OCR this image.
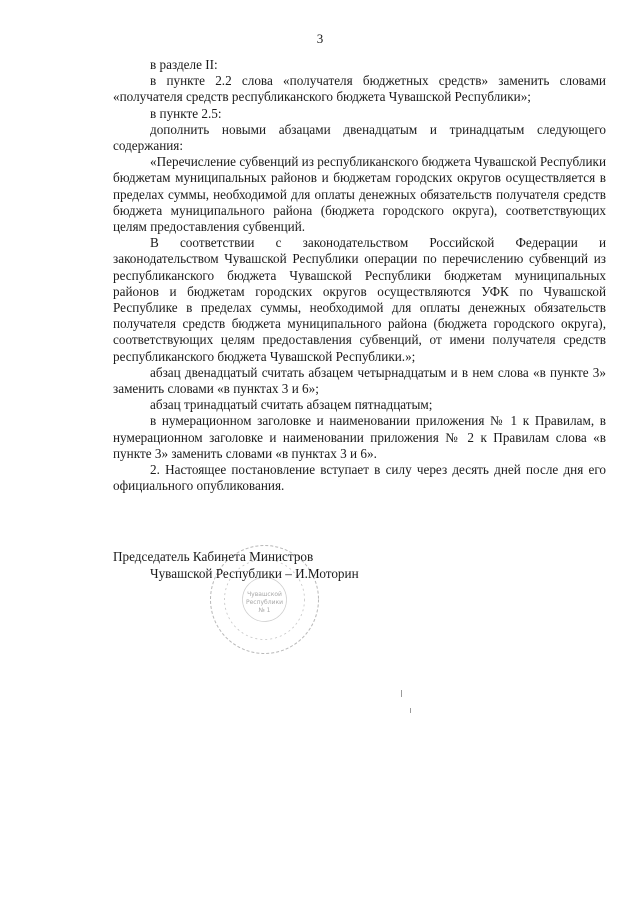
3

в разделе II:

в пункте 2.2 слова «получателя бюджетных средств» заменить словами «получателя средств республиканского бюджета Чувашской Республики»;

в пункте 2.5:

дополнить новыми абзацами двенадцатым и тринадцатым следующего содержания:

«Перечисление субвенций из республиканского бюджета Чувашской Республики бюджетам муниципальных районов и бюджетам городских округов осуществляется в пределах суммы, необходимой для оплаты денежных обязательств получателя средств бюджета муниципального района (бюджета городского округа), соответствующих целям предоставления субвенций.

В соответствии с законодательством Российской Федерации и законодательством Чувашской Республики операции по перечислению субвенций из республиканского бюджета Чувашской Республики бюджетам муниципальных районов и бюджетам городских округов осуществляются УФК по Чувашской Республике в пределах суммы, необходимой для оплаты денежных обязательств получателя средств бюджета муниципального района (бюджета городского округа), соответствующих целям предоставления субвенций, от имени получателя средств республиканского бюджета Чувашской Республики.»;

абзац двенадцатый считать абзацем четырнадцатым и в нем слова «в пункте 3» заменить словами «в пунктах 3 и 6»;

абзац тринадцатый считать абзацем пятнадцатым;

в нумерационном заголовке и наименовании приложения № 1 к Правилам, в нумерационном заголовке и наименовании приложения № 2 к Правилам слова «в пункте 3» заменить словами «в пунктах 3 и 6».

2. Настоящее постановление вступает в силу через десять дней после дня его официального опубликования.

Чувашской
Республики
№ 1
Председатель Кабинета Министров
Чувашской Республики – И.Моторин
